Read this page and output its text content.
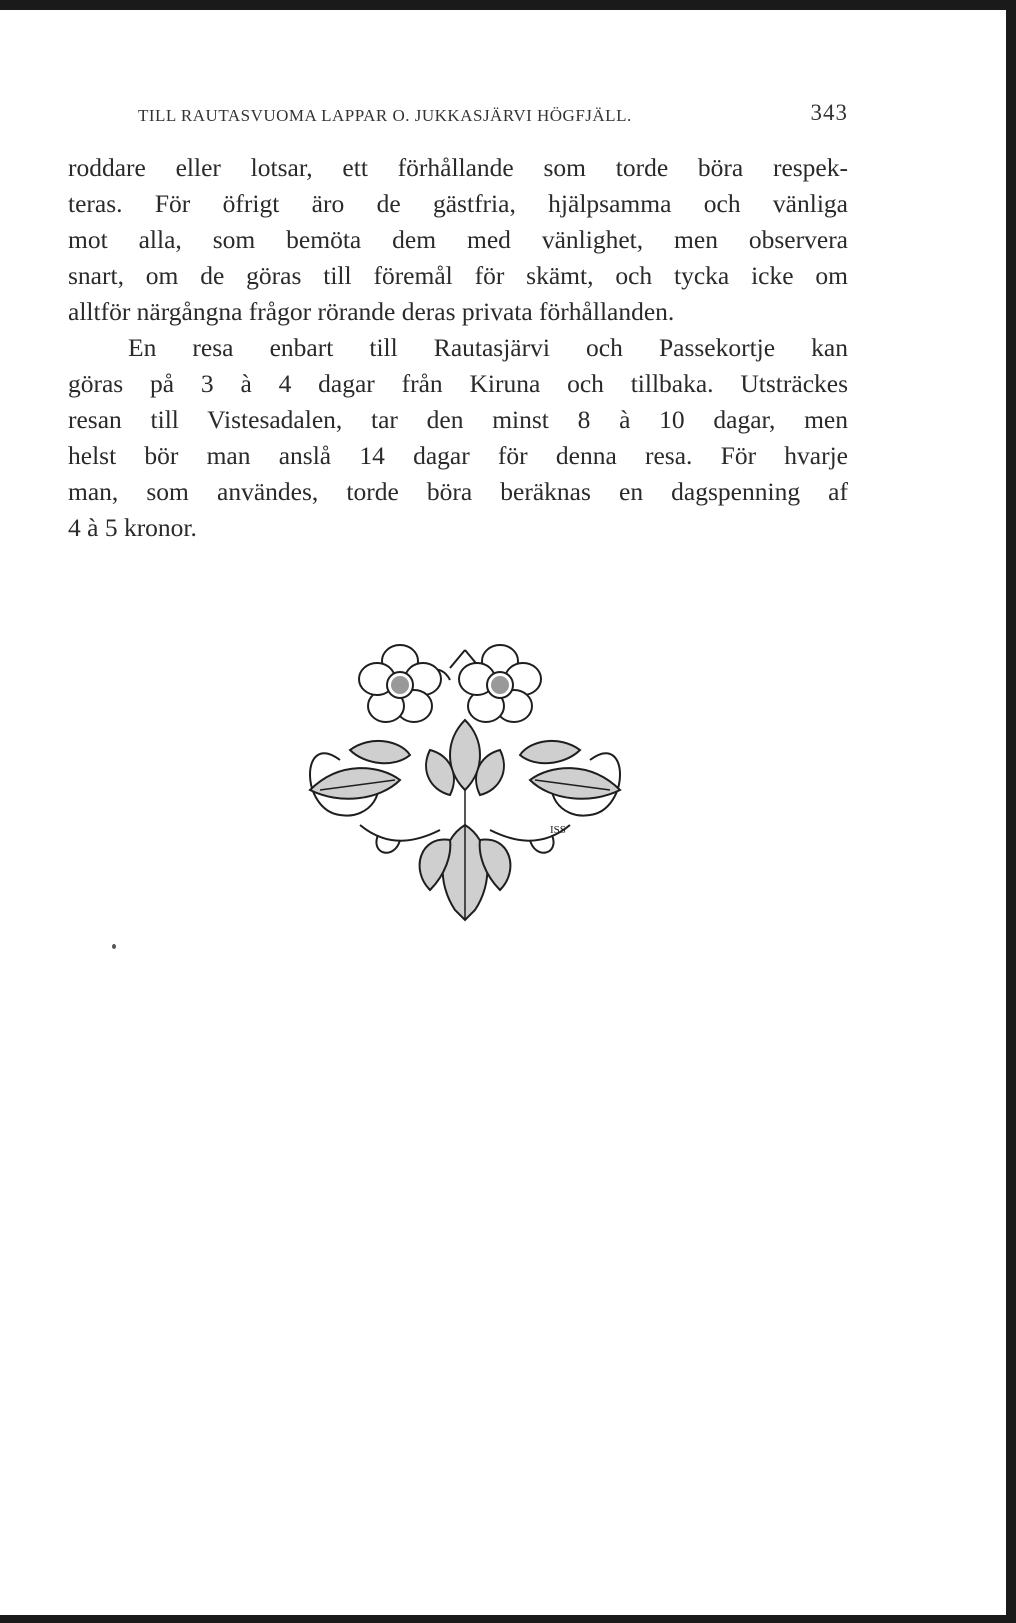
TILL RAUTASVUOMA LAPPAR O. JUKKASJÄRVI HÖGFJÄLL.	343
roddare eller lotsar, ett förhållande som torde böra respek-
teras. För öfrigt äro de gästfria, hjälpsamma och vänliga
mot alla, som bemöta dem med vänlighet, men observera
snart, om de göras till föremål för skämt, och tycka icke om
alltför närgångna frågor rörande deras privata förhållanden.
En resa enbart till Rautasjärvi och Passekortje kan
göras på 3 à 4 dagar från Kiruna och tillbaka. Utsträckes
resan till Vistesadalen, tar den minst 8 à 10 dagar, men
helst bör man anslå 14 dagar för denna resa. För hvarje
man, som användes, torde böra beräknas en dagspenning af
4 à 5 kronor.
ISS
